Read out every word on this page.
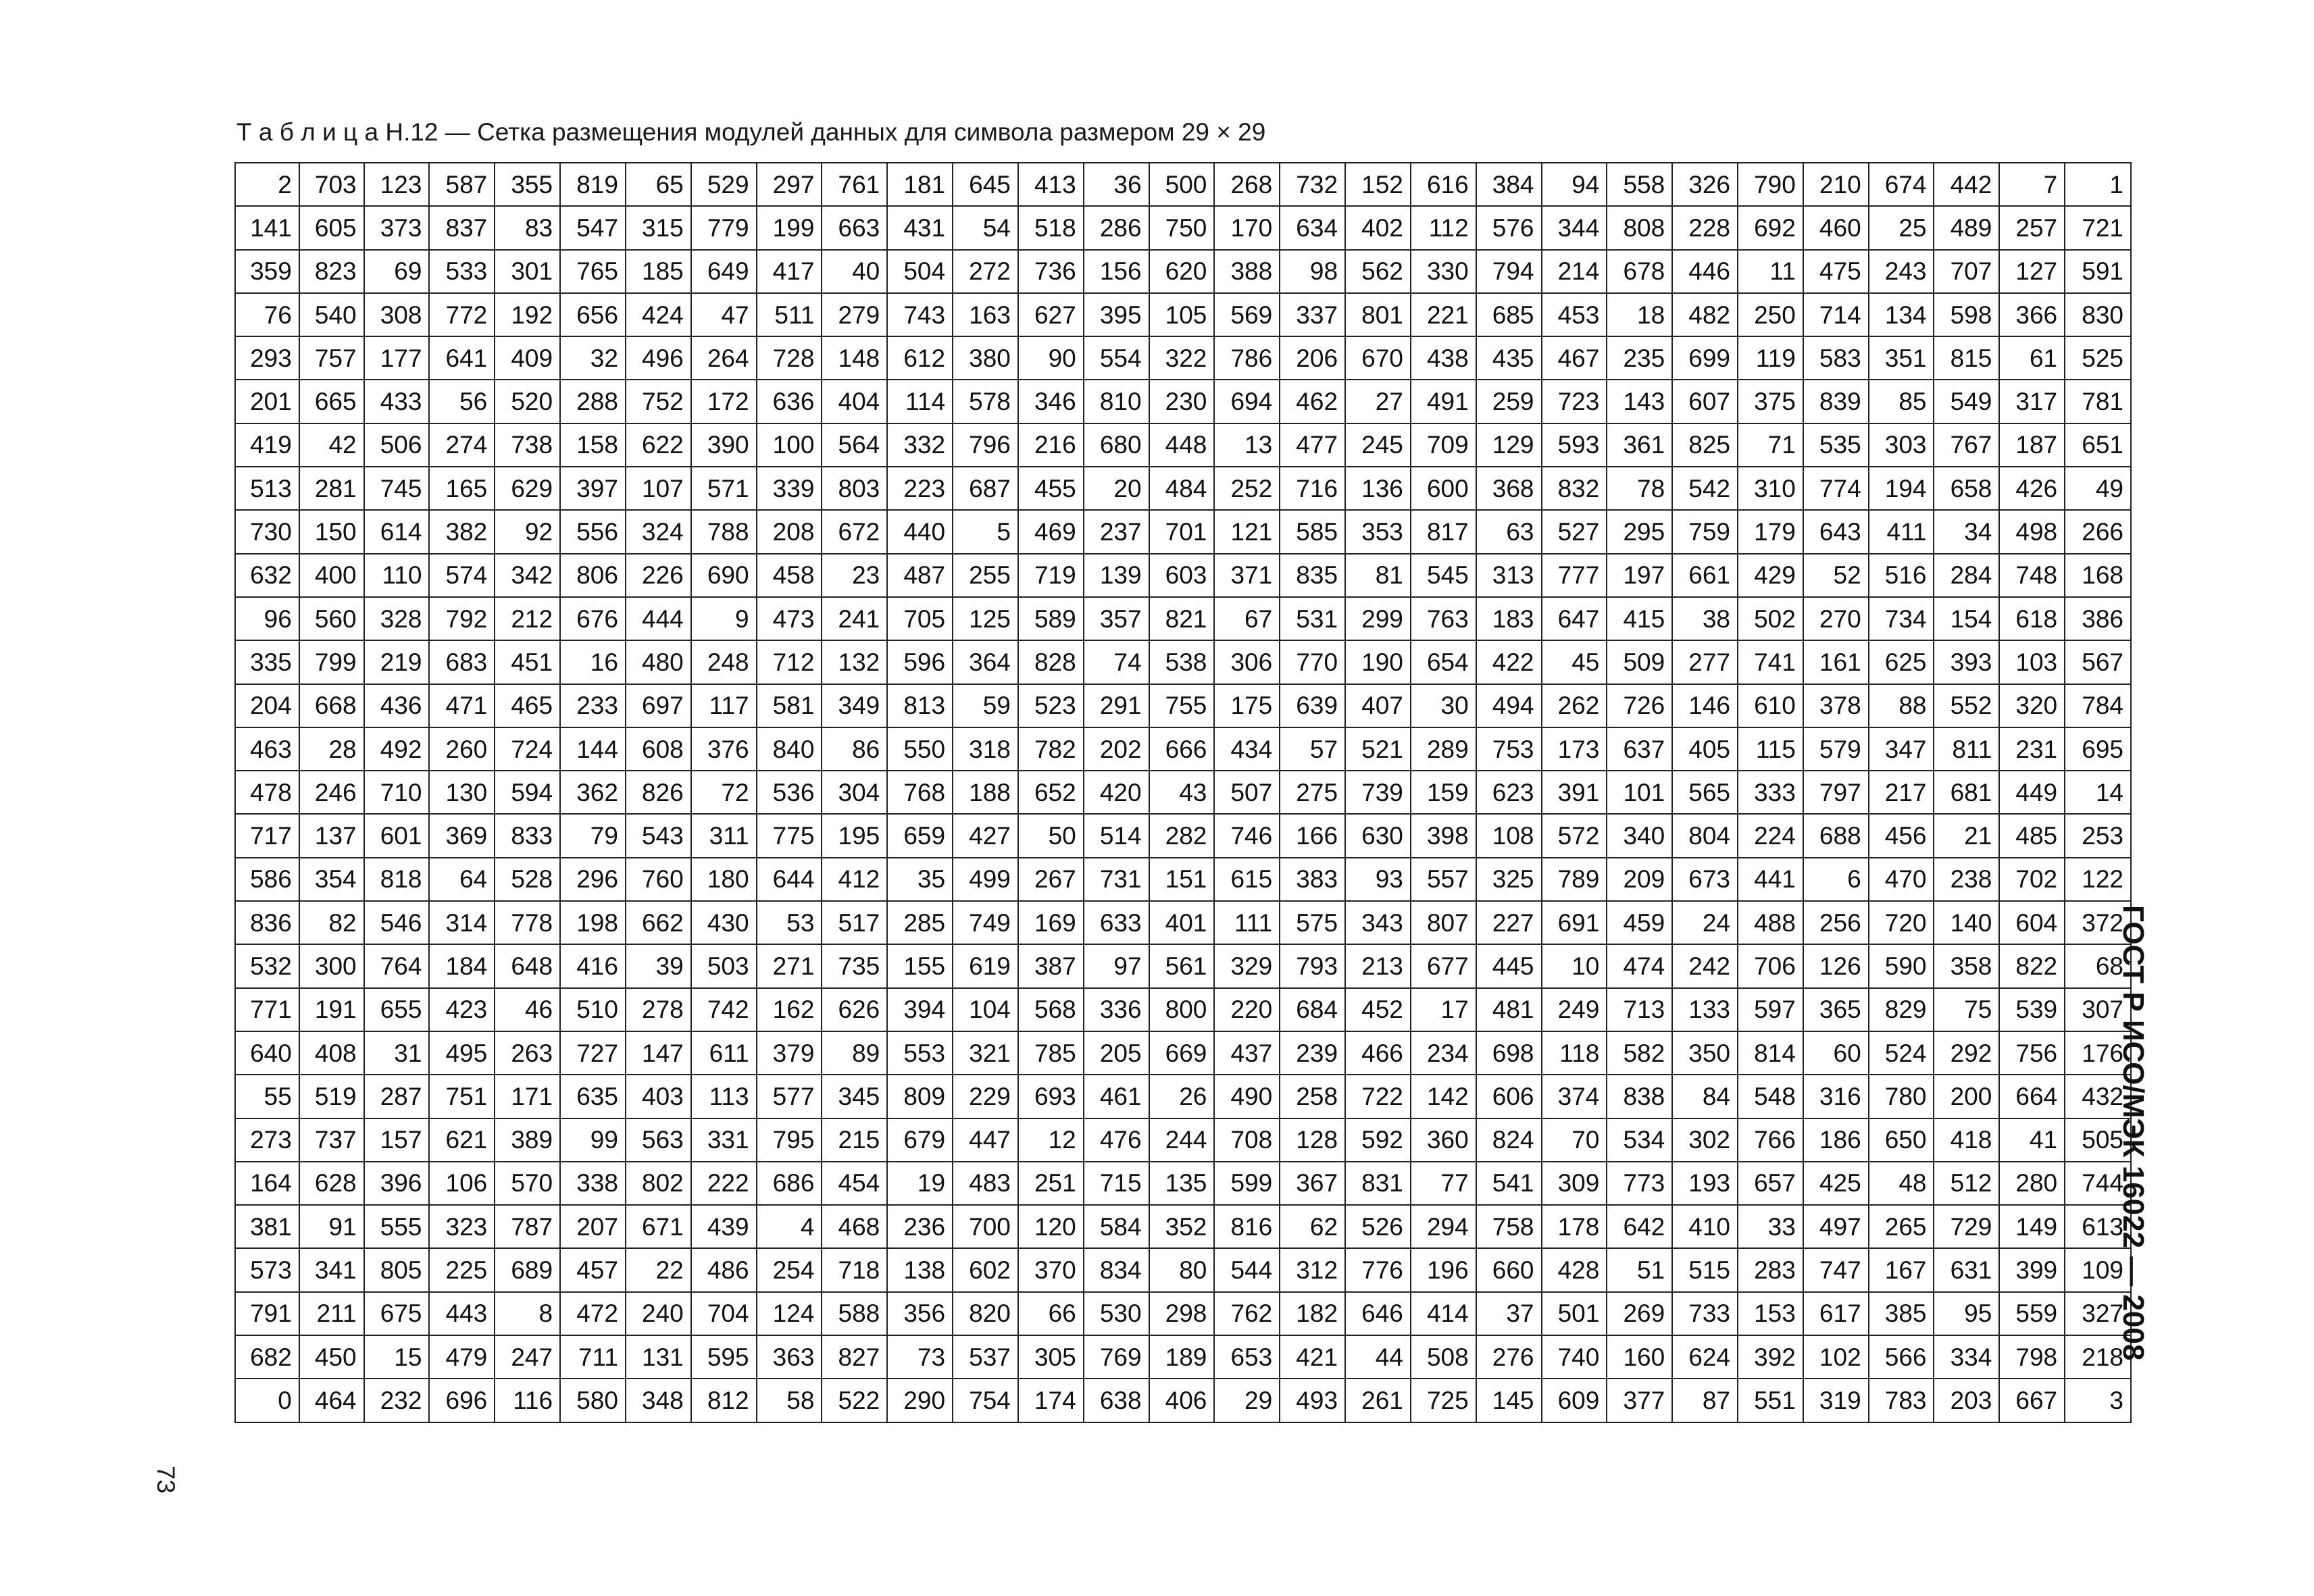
Т а б л и ц а Н.12 — Сетка размещения модулей данных для символа размером 29 × 29
2	703	123	587	355	819	65	529	297	761	181	645	413	36	500	268	732	152	616	384	94	558	326	790	210	674	442	7	1
141	605	373	837	83	547	315	779	199	663	431	54	518	286	750	170	634	402	112	576	344	808	228	692	460	25	489	257	721
359	823	69	533	301	765	185	649	417	40	504	272	736	156	620	388	98	562	330	794	214	678	446	11	475	243	707	127	591
76	540	308	772	192	656	424	47	511	279	743	163	627	395	105	569	337	801	221	685	453	18	482	250	714	134	598	366	830
293	757	177	641	409	32	496	264	728	148	612	380	90	554	322	786	206	670	438	435	467	235	699	119	583	351	815	61	525
201	665	433	56	520	288	752	172	636	404	114	578	346	810	230	694	462	27	491	259	723	143	607	375	839	85	549	317	781
419	42	506	274	738	158	622	390	100	564	332	796	216	680	448	13	477	245	709	129	593	361	825	71	535	303	767	187	651
513	281	745	165	629	397	107	571	339	803	223	687	455	20	484	252	716	136	600	368	832	78	542	310	774	194	658	426	49
730	150	614	382	92	556	324	788	208	672	440	5	469	237	701	121	585	353	817	63	527	295	759	179	643	411	34	498	266
632	400	110	574	342	806	226	690	458	23	487	255	719	139	603	371	835	81	545	313	777	197	661	429	52	516	284	748	168
96	560	328	792	212	676	444	9	473	241	705	125	589	357	821	67	531	299	763	183	647	415	38	502	270	734	154	618	386
335	799	219	683	451	16	480	248	712	132	596	364	828	74	538	306	770	190	654	422	45	509	277	741	161	625	393	103	567
204	668	436	471	465	233	697	117	581	349	813	59	523	291	755	175	639	407	30	494	262	726	146	610	378	88	552	320	784
463	28	492	260	724	144	608	376	840	86	550	318	782	202	666	434	57	521	289	753	173	637	405	115	579	347	811	231	695
478	246	710	130	594	362	826	72	536	304	768	188	652	420	43	507	275	739	159	623	391	101	565	333	797	217	681	449	14
717	137	601	369	833	79	543	311	775	195	659	427	50	514	282	746	166	630	398	108	572	340	804	224	688	456	21	485	253
586	354	818	64	528	296	760	180	644	412	35	499	267	731	151	615	383	93	557	325	789	209	673	441	6	470	238	702	122
836	82	546	314	778	198	662	430	53	517	285	749	169	633	401	111	575	343	807	227	691	459	24	488	256	720	140	604	372
532	300	764	184	648	416	39	503	271	735	155	619	387	97	561	329	793	213	677	445	10	474	242	706	126	590	358	822	68
771	191	655	423	46	510	278	742	162	626	394	104	568	336	800	220	684	452	17	481	249	713	133	597	365	829	75	539	307
640	408	31	495	263	727	147	611	379	89	553	321	785	205	669	437	239	466	234	698	118	582	350	814	60	524	292	756	176
55	519	287	751	171	635	403	113	577	345	809	229	693	461	26	490	258	722	142	606	374	838	84	548	316	780	200	664	432
273	737	157	621	389	99	563	331	795	215	679	447	12	476	244	708	128	592	360	824	70	534	302	766	186	650	418	41	505
164	628	396	106	570	338	802	222	686	454	19	483	251	715	135	599	367	831	77	541	309	773	193	657	425	48	512	280	744
381	91	555	323	787	207	671	439	4	468	236	700	120	584	352	816	62	526	294	758	178	642	410	33	497	265	729	149	613
573	341	805	225	689	457	22	486	254	718	138	602	370	834	80	544	312	776	196	660	428	51	515	283	747	167	631	399	109
791	211	675	443	8	472	240	704	124	588	356	820	66	530	298	762	182	646	414	37	501	269	733	153	617	385	95	559	327
682	450	15	479	247	711	131	595	363	827	73	537	305	769	189	653	421	44	508	276	740	160	624	392	102	566	334	798	218
0	464	232	696	116	580	348	812	58	522	290	754	174	638	406	29	493	261	725	145	609	377	87	551	319	783	203	667	3
ГОСТ Р ИСО/МЭК 16022 — 2008
73
